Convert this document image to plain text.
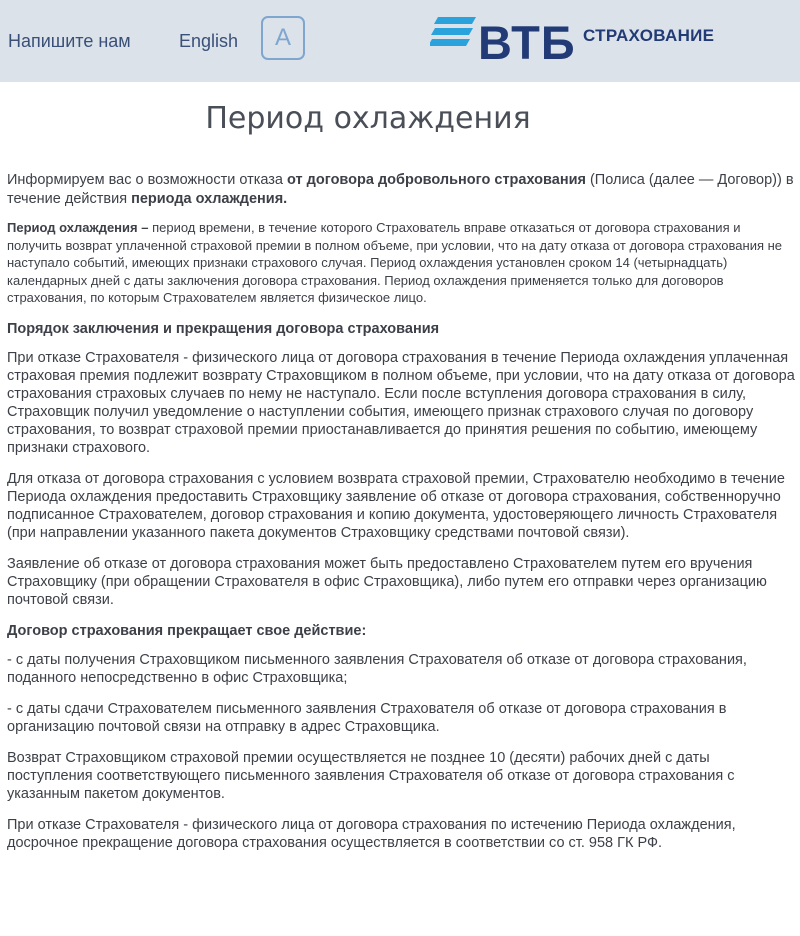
Напишите нам	English	A	ВТБ СТРАХОВАНИЕ
Период охлаждения

Информируем вас о возможности отказа от договора добровольного страхования (Полиса (далее — Договор)) в течение действия периода охлаждения.

Период охлаждения – период времени, в течение которого Страхователь вправе отказаться от договора страхования и получить возврат уплаченной страховой премии в полном объеме, при условии, что на дату отказа от договора страхования не наступало событий, имеющих признаки страхового случая. Период охлаждения установлен сроком 14 (четырнадцать) календарных дней с даты заключения договора страхования. Период охлаждения применяется только для договоров страхования, по которым Страхователем является физическое лицо.

Порядок заключения и прекращения договора страхования

При отказе Страхователя - физического лица от договора страхования в течение Периода охлаждения уплаченная страховая премия подлежит возврату Страховщиком в полном объеме, при условии, что на дату отказа от договора страхования страховых случаев по нему не наступало. Если после вступления договора страхования в силу, Страховщик получил уведомление о наступлении события, имеющего признак страхового случая по договору страхования, то возврат страховой премии приостанавливается до принятия решения по событию, имеющему признаки страхового.

Для отказа от договора страхования с условием возврата страховой премии, Страхователю необходимо в течение Периода охлаждения предоставить Страховщику заявление об отказе от договора страхования, собственноручно подписанное Страхователем, договор страхования и копию документа, удостоверяющего личность Страхователя (при направлении указанного пакета документов Страховщику средствами почтовой связи).

Заявление об отказе от договора страхования может быть предоставлено Страхователем путем его вручения Страховщику (при обращении Страхователя в офис Страховщика), либо путем его отправки через организацию почтовой связи.

Договор страхования прекращает свое действие:

- с даты получения Страховщиком письменного заявления Страхователя об отказе от договора страхования, поданного непосредственно в офис Страховщика;

- с даты сдачи Страхователем письменного заявления Страхователя об отказе от договора страхования в организацию почтовой связи на отправку в адрес Страховщика.

Возврат Страховщиком страховой премии осуществляется не позднее 10 (десяти) рабочих дней с даты поступления соответствующего письменного заявления Страхователя об отказе от договора страхования с указанным пакетом документов.

При отказе Страхователя - физического лица от договора страхования по истечению Периода охлаждения, досрочное прекращение договора страхования осуществляется в соответствии со ст. 958 ГК РФ.
